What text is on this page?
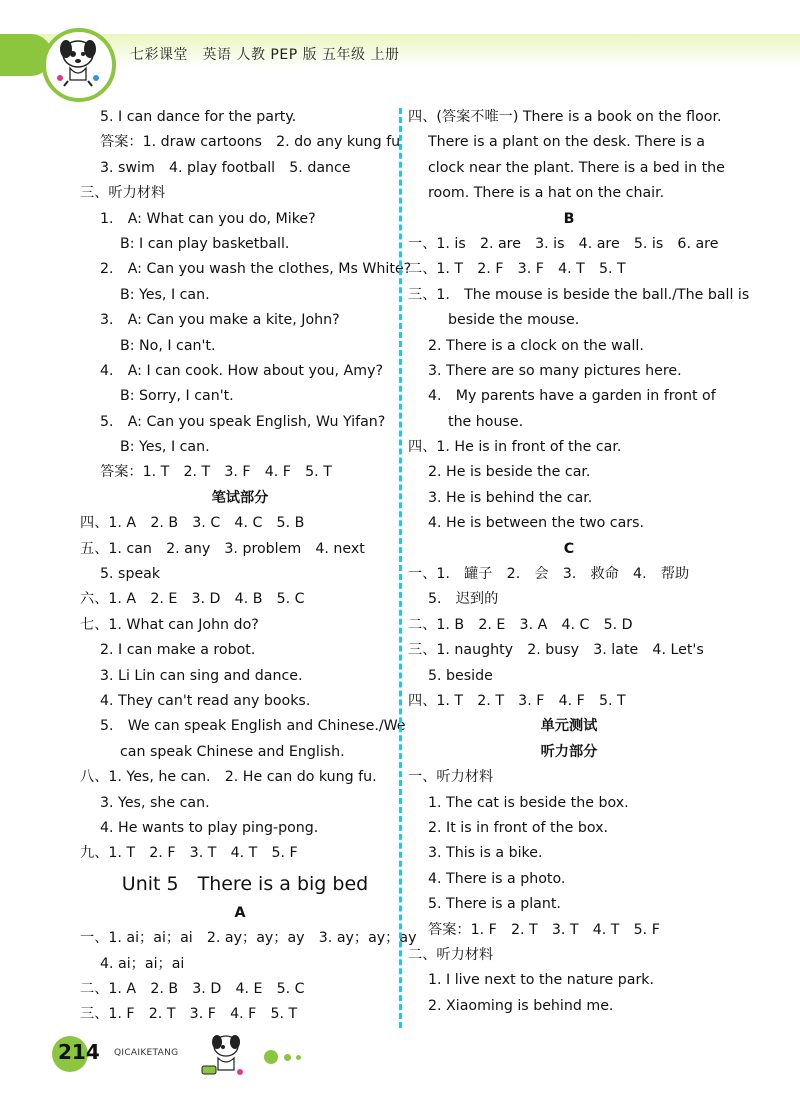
七彩课堂　英语 人教 PEP 版 五年级 上册
5. I can dance for the party.
答案：1. draw cartoons　2. do any kung fu
3. swim　4. play football　5. dance
三、听力材料
1.　A: What can you do, Mike?
B: I can play basketball.
2.　A: Can you wash the clothes, Ms White?
B: Yes, I can.
3.　A: Can you make a kite, John?
B: No, I can't.
4.　A: I can cook. How about you, Amy?
B: Sorry, I can't.
5.　A: Can you speak English, Wu Yifan?
B: Yes, I can.
答案：1. T　2. T　3. F　4. F　5. T
笔试部分
四、1. A　2. B　3. C　4. C　5. B
五、1. can　2. any　3. problem　4. next
5. speak
六、1. A　2. E　3. D　4. B　5. C
七、1. What can John do?
2. I can make a robot.
3. Li Lin can sing and dance.
4. They can't read any books.
5.　We can speak English and Chinese./We
can speak Chinese and English.
八、1. Yes, he can.　2. He can do kung fu.
3. Yes, she can.
4. He wants to play ping-pong.
九、1. T　2. F　3. T　4. T　5. F
Unit 5　There is a big bed
A
一、1. ai；ai；ai　2. ay；ay；ay　3. ay；ay；ay
4. ai；ai；ai
二、1. A　2. B　3. D　4. E　5. C
三、1. F　2. T　3. F　4. F　5. T
四、(答案不唯一) There is a book on the floor.
There is a plant on the desk. There is a
clock near the plant. There is a bed in the
room. There is a hat on the chair.
B
一、1. is　2. are　3. is　4. are　5. is　6. are
二、1. T　2. F　3. F　4. T　5. T
三、1.　The mouse is beside the ball./The ball is
beside the mouse.
2. There is a clock on the wall.
3. There are so many pictures here.
4.　My parents have a garden in front of
the house.
四、1. He is in front of the car.
2. He is beside the car.
3. He is behind the car.
4. He is between the two cars.
C
一、1.　罐子　2.　会　3.　救命　4.　帮助
5.　迟到的
二、1. B　2. E　3. A　4. C　5. D
三、1. naughty　2. busy　3. late　4. Let's
5. beside
四、1. T　2. T　3. F　4. F　5. T
单元测试
听力部分
一、听力材料
1. The cat is beside the box.
2. It is in front of the box.
3. This is a bike.
4. There is a photo.
5. There is a plant.
答案：1. F　2. T　3. T　4. T　5. F
二、听力材料
1. I live next to the nature park.
2. Xiaoming is behind me.
214 QICAIKETANG
